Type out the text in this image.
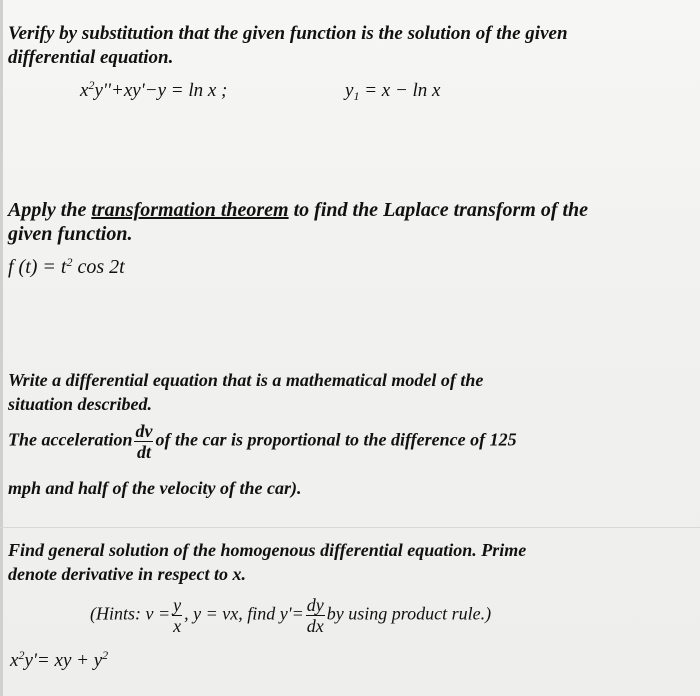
Verify by substitution that the given function is the solution of the given
differential equation.

$x^2y''+xy'-y = \ln x$ ;	$y_1 = x - \ln x$

Apply the transformation theorem to find the Laplace transform of the
given function.

f $(t) = t^2$ cos 2t

Write a differential equation that is a mathematical model of the
situation described.

The acceleration $\frac{dv}{dt}$ of the car is proportional to the difference of 125
mph and half of the velocity of the car).

Find general solution of the homogenous differential equation. Prime
denote derivative in respect to x.

(Hints: $v = \frac{y}{x}$ , y = vx, find $y'= \frac{dy}{dx}$ by using product rule.)
$x^2y'=$ xy + $y^2$
